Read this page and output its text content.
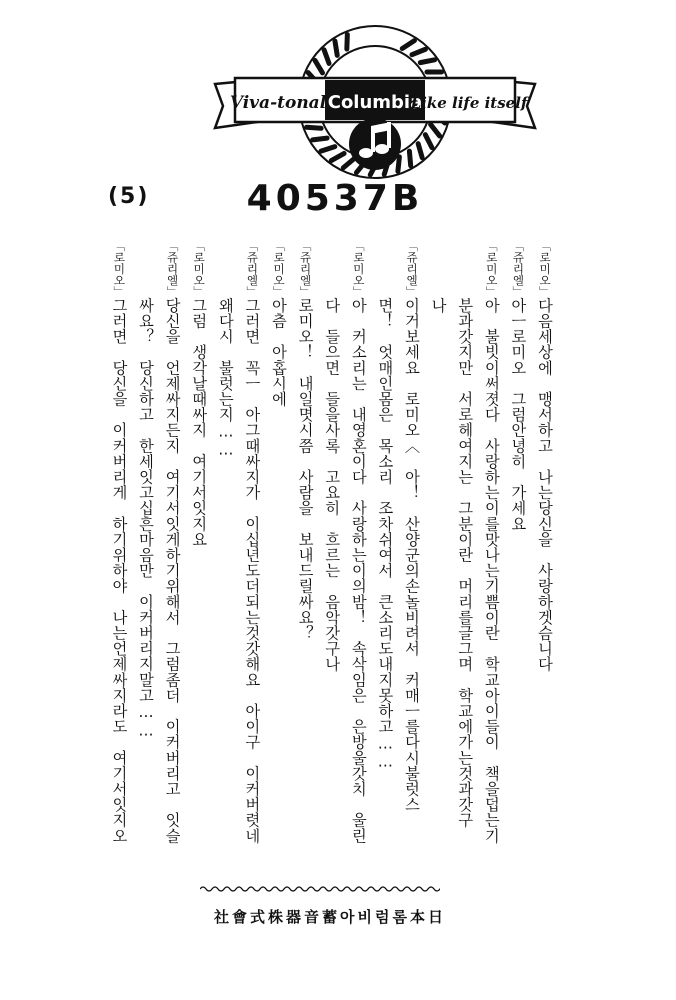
Viva-tonal Columbia
Like life itself
(5)	40537B
「로미오」다음세상에　맹서하고　나는당신을　사랑하겟슴니다
「쥬리엘」아ㅡ로미오　그럼안녕히　가세요
「로미오」아　불빗이써졋다　사랑하는이를맛나는기쁨이란　학교아이들이　책을덥는기
분과갓지만　서로헤여지는　그분이란　머리를글그며　학교에가는것과갓구
나
「쥬리엘」이거보세요　로미오〈　아！　산양군의손놀비려서　커매ㅡ를다시불럿스
면！　엇매인몸은　목소리　조차쉬여서　큰소리도내지못하고……
「로미오」아　커소리는　내영혼이다　사랑하는이의밤！　속삭임은　은방울갓치　울린
다　들으면　들을사록　고요히　흐르는　음악갓구나
「쥬리엘」로미오！　내일몃시쯤　사람을　보내드릴싸요？
「로미오」아츰　아홉시에
「쥬리엘」그러면　꼭ㅡ　아그때싸지가　이십년도더되는것갓해요　아이구　이커버렷네
왜다시　불럿는지……
「로미오」그럼　생각날때싸지　여기서잇지요
「쥬리엘」당신을　언제싸지든지　여기서잇게하기위해서　그럼좀더　이커버리고　잇슬
싸요？　당신하고　한세잇고십흔마음만　이커버리지말고……
「로미오」그러면　당신을　이커버리게　하기위하야　나는언제싸지라도　여기서잇지오
社會式株器音蓄아비럼롬本日
